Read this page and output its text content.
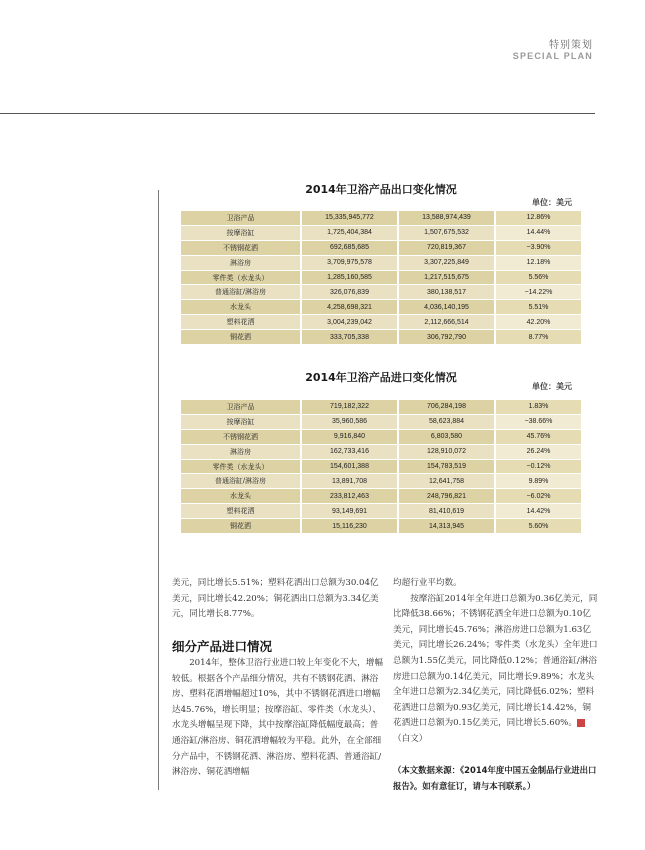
特别策划
SPECIAL PLAN
2014年卫浴产品出口变化情况
单位：美元
卫浴产品	15,335,945,772	13,588,974,439	12.86%
按摩浴缸	1,725,404,384	1,507,675,532	14.44%
不锈钢花洒	692,685,685	720,819,367	−3.90%
淋浴房	3,709,975,578	3,307,225,849	12.18%
零件类（水龙头）	1,285,160,585	1,217,515,675	5.56%
普通浴缸/淋浴房	326,076,839	380,138,517	−14.22%
水龙头	4,258,698,321	4,036,140,195	5.51%
塑料花洒	3,004,239,042	2,112,666,514	42.20%
铜花洒	333,705,338	306,792,790	8.77%
2014年卫浴产品进口变化情况
单位：美元
卫浴产品	719,182,322	706,284,198	1.83%
按摩浴缸	35,960,586	58,623,884	−38.66%
不锈钢花洒	9,916,840	6,803,580	45.76%
淋浴房	162,733,416	128,910,072	26.24%
零件类（水龙头）	154,601,388	154,783,519	−0.12%
普通浴缸/淋浴房	13,891,708	12,641,758	9.89%
水龙头	233,812,463	248,796,821	−6.02%
塑料花洒	93,149,691	81,410,619	14.42%
铜花洒	15,116,230	14,313,945	5.60%

美元，同比增长5.51%；塑料花洒出口总额为30.04亿美元，同比增长42.20%；铜花洒出口总额为3.34亿美元，同比增长8.77%。

细分产品进口情况

2014年，整体卫浴行业进口较上年变化不大，增幅较低。根据各个产品细分情况，共有不锈钢花洒、淋浴房、塑料花洒增幅超过10%，其中不锈钢花洒进口增幅达45.76%，增长明显；按摩浴缸、零件类（水龙头）、水龙头增幅呈现下降，其中按摩浴缸降低幅度最高；普通浴缸/淋浴房、铜花洒增幅较为平稳。此外，在全部细分产品中，不锈钢花洒、淋浴房、塑料花洒、普通浴缸/淋浴房、铜花洒增幅

均超行业平均数。

按摩浴缸2014年全年进口总额为0.36亿美元，同比降低38.66%；不锈钢花洒全年进口总额为0.10亿美元，同比增长45.76%；淋浴房进口总额为1.63亿美元，同比增长26.24%；零件类（水龙头）全年进口总额为1.55亿美元，同比降低0.12%；普通浴缸/淋浴房进口总额为0.14亿美元，同比增长9.89%；水龙头全年进口总额为2.34亿美元，同比降低6.02%；塑料花洒进口总额为0.93亿美元，同比增长14.42%，铜花洒进口总额为0.15亿美元，同比增长5.60%。	▣（白文）

（本文数据来源：《2014年度中国五金制品行业进出口报告》。如有意征订，请与本刊联系。）
